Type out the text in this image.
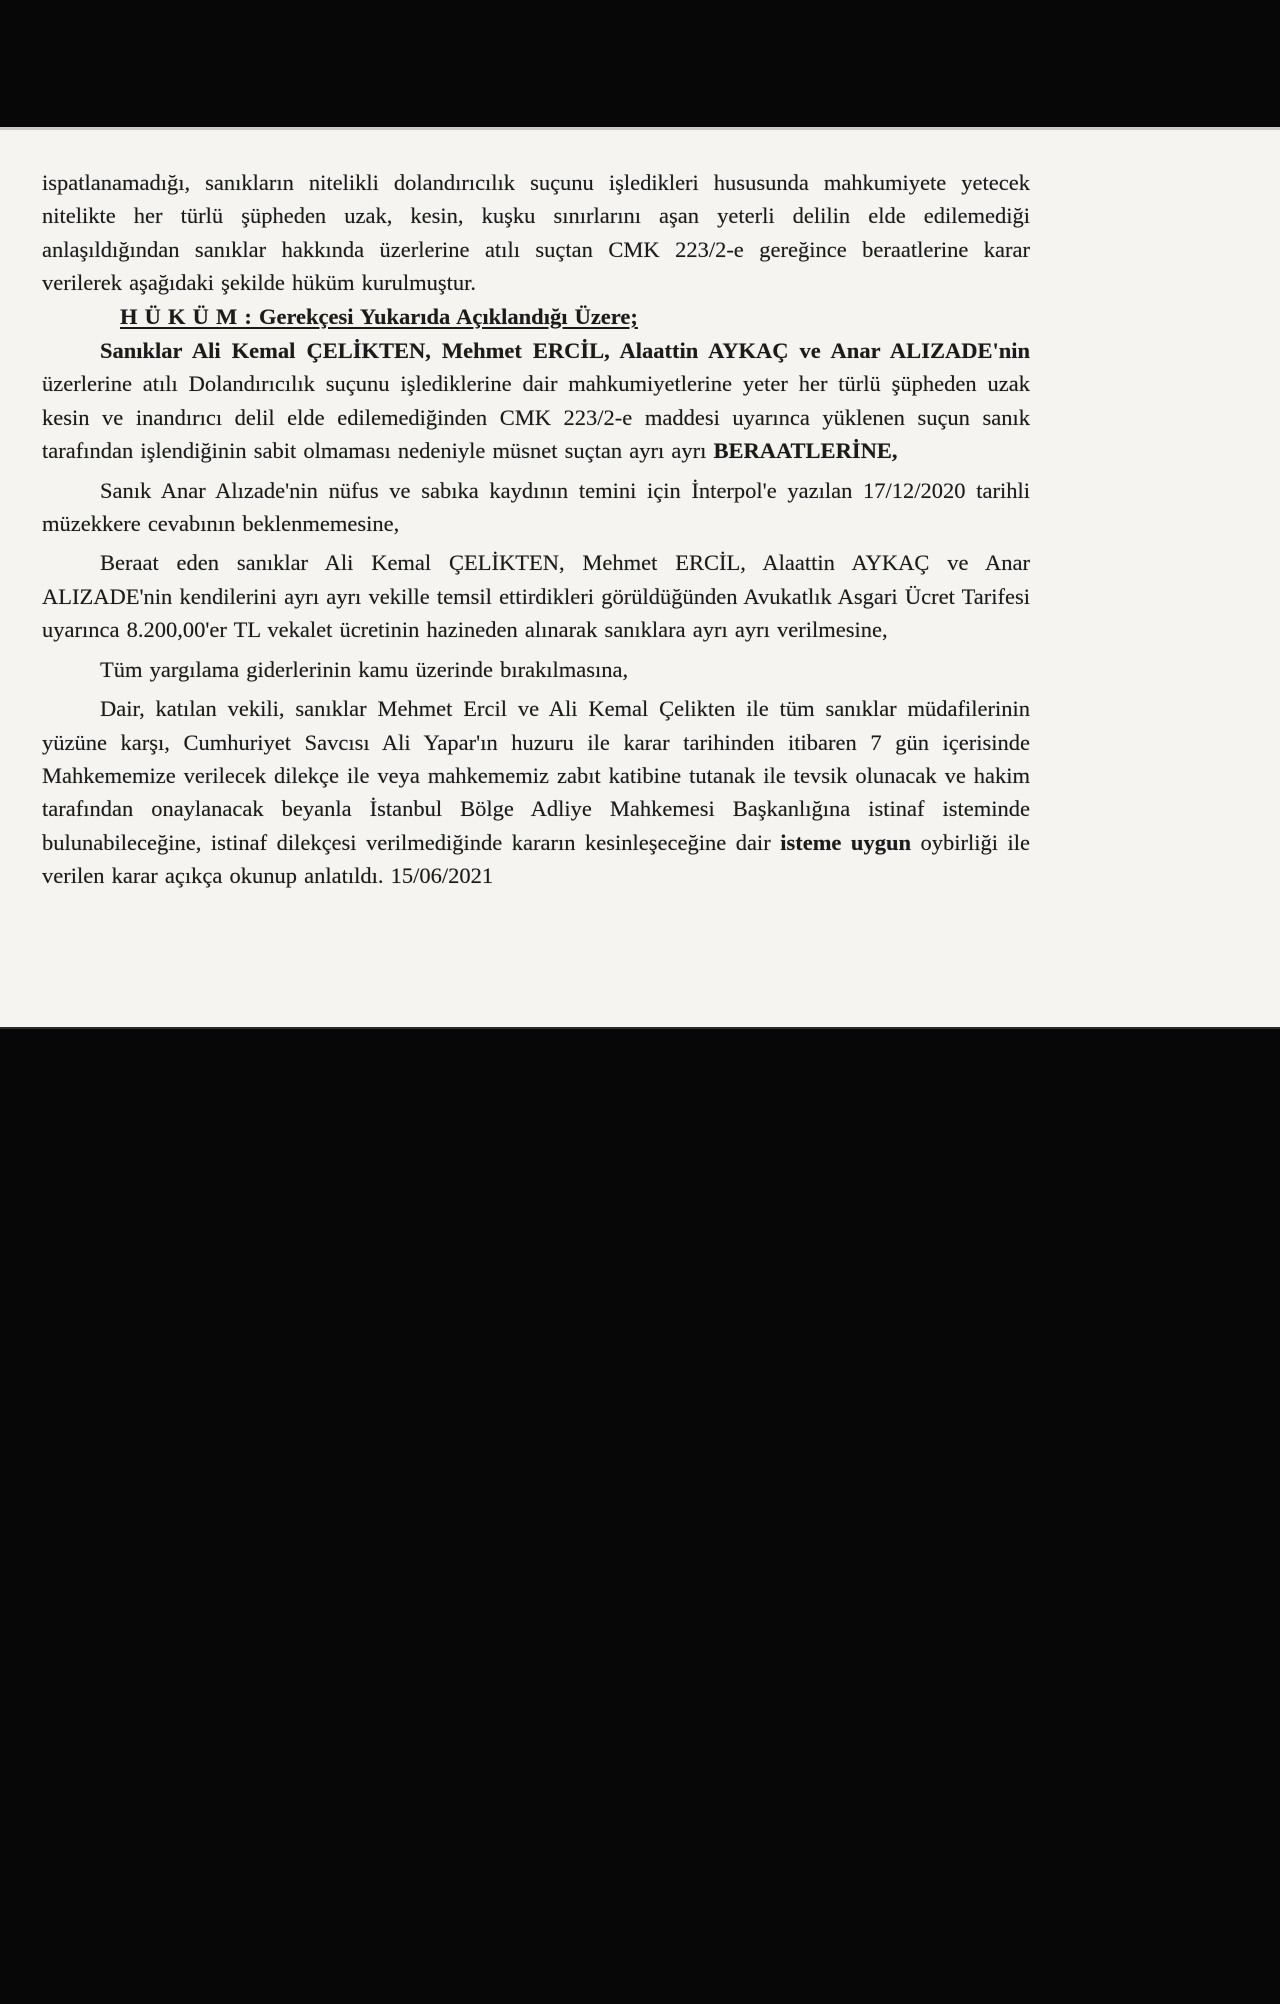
ispatlanamadığı, sanıkların nitelikli dolandırıcılık suçunu işledikleri hususunda mahkumiyete yetecek nitelikte her türlü şüpheden uzak, kesin, kuşku sınırlarını aşan yeterli delilin elde edilemediği anlaşıldığından sanıklar hakkında üzerlerine atılı suçtan CMK 223/2-e gereğince beraatlerine karar verilerek aşağıdaki şekilde hüküm kurulmuştur.

H Ü K Ü M : Gerekçesi Yukarıda Açıklandığı Üzere;

Sanıklar Ali Kemal ÇELİKTEN, Mehmet ERCİL, Alaattin AYKAÇ ve Anar ALIZADE'nin üzerlerine atılı Dolandırıcılık suçunu işlediklerine dair mahkumiyetlerine yeter her türlü şüpheden uzak kesin ve inandırıcı delil elde edilemediğinden CMK 223/2-e maddesi uyarınca yüklenen suçun sanık tarafından işlendiğinin sabit olmaması nedeniyle müsnet suçtan ayrı ayrı BERAATLERİNE,

Sanık Anar Alızade'nin nüfus ve sabıka kaydının temini için İnterpol'e yazılan 17/12/2020 tarihli müzekkere cevabının beklenmemesine,

Beraat eden sanıklar Ali Kemal ÇELİKTEN, Mehmet ERCİL, Alaattin AYKAÇ ve Anar ALIZADE'nin kendilerini ayrı ayrı vekille temsil ettirdikleri görüldüğünden Avukatlık Asgari Ücret Tarifesi uyarınca 8.200,00'er TL vekalet ücretinin hazineden alınarak sanıklara ayrı ayrı verilmesine,

Tüm yargılama giderlerinin kamu üzerinde bırakılmasına,

Dair, katılan vekili, sanıklar Mehmet Ercil ve Ali Kemal Çelikten ile tüm sanıklar müdafilerinin yüzüne karşı, Cumhuriyet Savcısı Ali Yapar'ın huzuru ile karar tarihinden itibaren 7 gün içerisinde Mahkememize verilecek dilekçe ile veya mahkememiz zabıt katibine tutanak ile tevsik olunacak ve hakim tarafından onaylanacak beyanla İstanbul Bölge Adliye Mahkemesi Başkanlığına istinaf isteminde bulunabileceğine, istinaf dilekçesi verilmediğinde kararın kesinleşeceğine dair isteme uygun oybirliği ile verilen karar açıkça okunup anlatıldı. 15/06/2021
